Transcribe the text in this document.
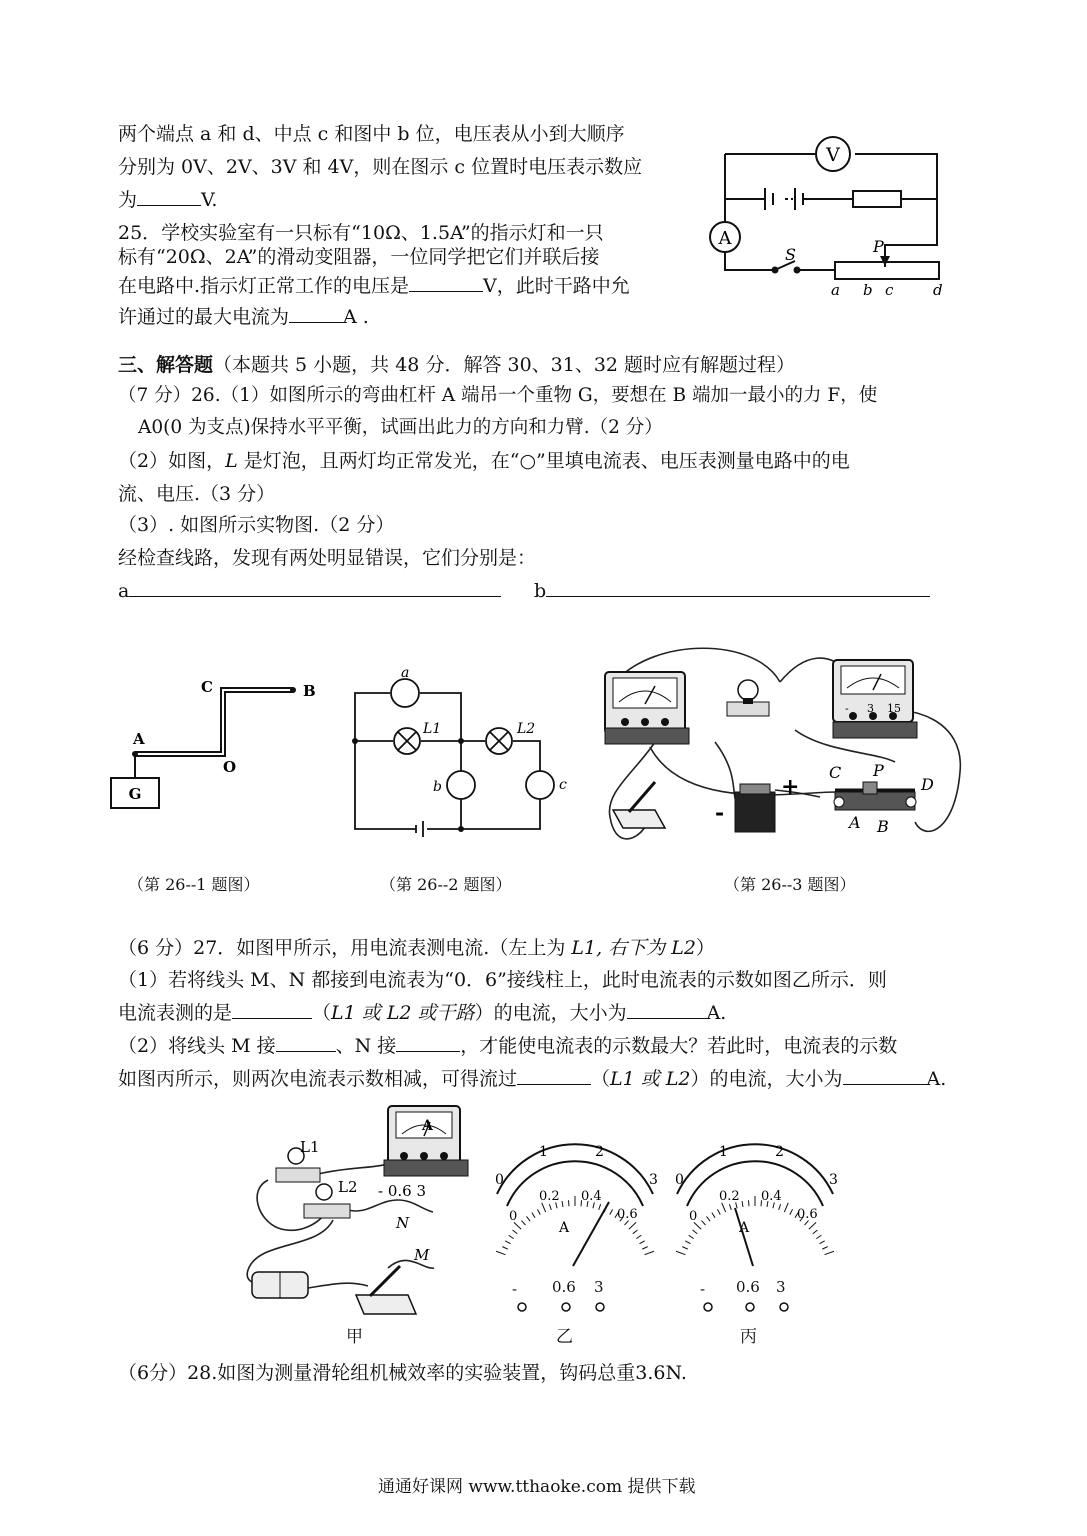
两个端点 a 和 d、中点 c 和图中 b 位，电压表从小到大顺序
分别为 0V、2V、3V 和 4V，则在图示 c 位置时电压表示数应
为	V.
25．学校实验室有一只标有“10Ω、1.5A”的指示灯和一只
标有“20Ω、2A”的滑动变阻器，一位同学把它们并联后接
在电路中.指示灯正常工作的电压是	V，此时干路中允
许通过的最大电流为	A .
V
A
S	P
a b c	d
三、解答题（本题共 5 小题，共 48 分．解答 30、31、32 题时应有解题过程）
（7 分）26.（1）如图所示的弯曲杠杆 A 端吊一个重物 G，要想在 B 端加一最小的力 F，使
A0(0 为支点)保持水平平衡，试画出此力的方向和力臂.（2 分）
（2）如图，L 是灯泡，且两灯均正常发光，在“○”里填电流表、电压表测量电路中的电
流、电压.（3 分）
（3）. 如图所示实物图.（2 分）
经检查线路，发现有两处明显错误，它们分别是：
a	b
C	B
A
O
G
（第 26--1 题图）
a
L1	L2
b	c
（第 26--2 题图）
- 3 15
-
+
C P
D
A B
（第 26--3 题图）
（6 分）27．如图甲所示，用电流表测电流.（左上为 L1, 右下为 L2）
（1）若将线头 M、N 都接到电流表为“0．6”接线柱上，此时电流表的示数如图乙所示．则
电流表测的是	（L1 或 L2 或干路）的电流，大小为	A.
（2）将线头 M 接	、N 接	，才能使电流表的示数最大？若此时，电流表的示数
如图丙所示，则两次电流表示数相减，可得流过	（L1 或 L2）的电流，大小为	A.
L1
L2
N
M
A
- 0.6 3
甲
0
1	2
3
0
0.2 0.4
0.6
A
- 0.6 3
乙
0
1	2
3
0
0.2 0.4
0.6
A
- 0.6 3
丙
（6分）28.如图为测量滑轮组机械效率的实验装置，钩码总重3.6N.
通通好课网 www.tthaoke.com 提供下载
